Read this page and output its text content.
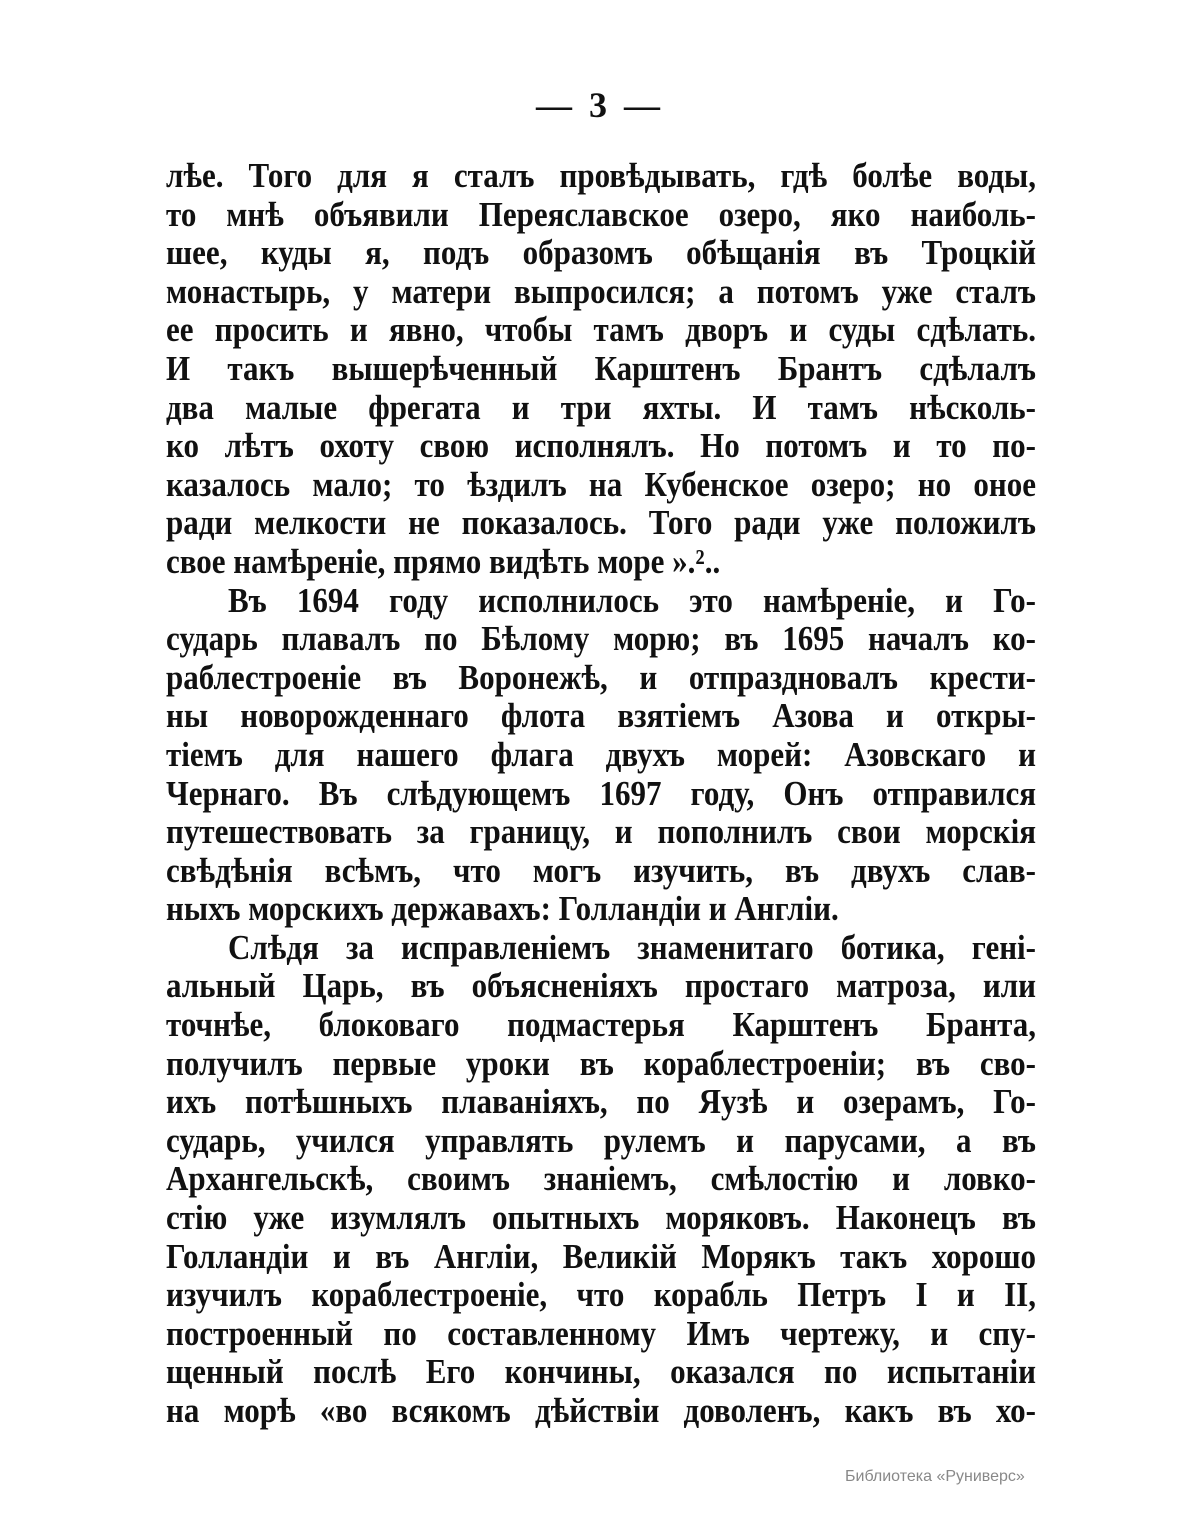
— 3 —
лѣе. Того для я сталъ провѣдывать, гдѣ болѣе воды,
то мнѣ объявили Переяславское озеро, яко наиболь-
шее, куды я, подъ образомъ обѣщанія въ Троцкій
монастырь, у матери выпросился; а потомъ уже сталъ
ее просить и явно, чтобы тамъ дворъ и суды сдѣлать.
И такъ вышерѣченный Карштенъ Брантъ сдѣлалъ
два малые фрегата и три яхты. И тамъ нѣсколь-
ко лѣтъ охоту свою исполнялъ. Но потомъ и то по-
казалось мало; то ѣздилъ на Кубенское озеро; но оное
ради мелкости не показалось. Того ради уже положилъ
свое намѣреніе, прямо видѣть море ».²..
Въ 1694 году исполнилось это намѣреніе, и Го-
сударь плавалъ по Бѣлому морю; въ 1695 началъ ко-
раблестроеніе въ Воронежѣ, и отпраздновалъ крести-
ны новорожденнаго флота взятіемъ Азова и откры-
тіемъ для нашего флага двухъ морей: Азовскаго и
Чернаго. Въ слѣдующемъ 1697 году, Онъ отправился
путешествовать за границу, и пополнилъ свои морскія
свѣдѣнія всѣмъ, что могъ изучить, въ двухъ слав-
ныхъ морскихъ державахъ: Голландіи и Англіи.
Слѣдя за исправленіемъ знаменитаго ботика, гені-
альный Царь, въ объясненіяхъ простаго матроза, или
точнѣе, блоковаго подмастерья Карштенъ Бранта,
получилъ первые уроки въ кораблестроеніи; въ сво-
ихъ потѣшныхъ плаваніяхъ, по Яузѣ и озерамъ, Го-
сударь, учился управлять рулемъ и парусами, а въ
Архангельскѣ, своимъ знаніемъ, смѣлостію и ловко-
стію уже изумлялъ опытныхъ моряковъ. Наконецъ въ
Голландіи и въ Англіи, Великій Морякъ такъ хорошо
изучилъ кораблестроеніе, что корабль Петръ I и II,
построенный по составленному Имъ чертежу, и спу-
щенный послѣ Его кончины, оказался по испытаніи
на морѣ «во всякомъ дѣйствіи доволенъ, какъ въ хо-
Библиотека «Руниверс»
